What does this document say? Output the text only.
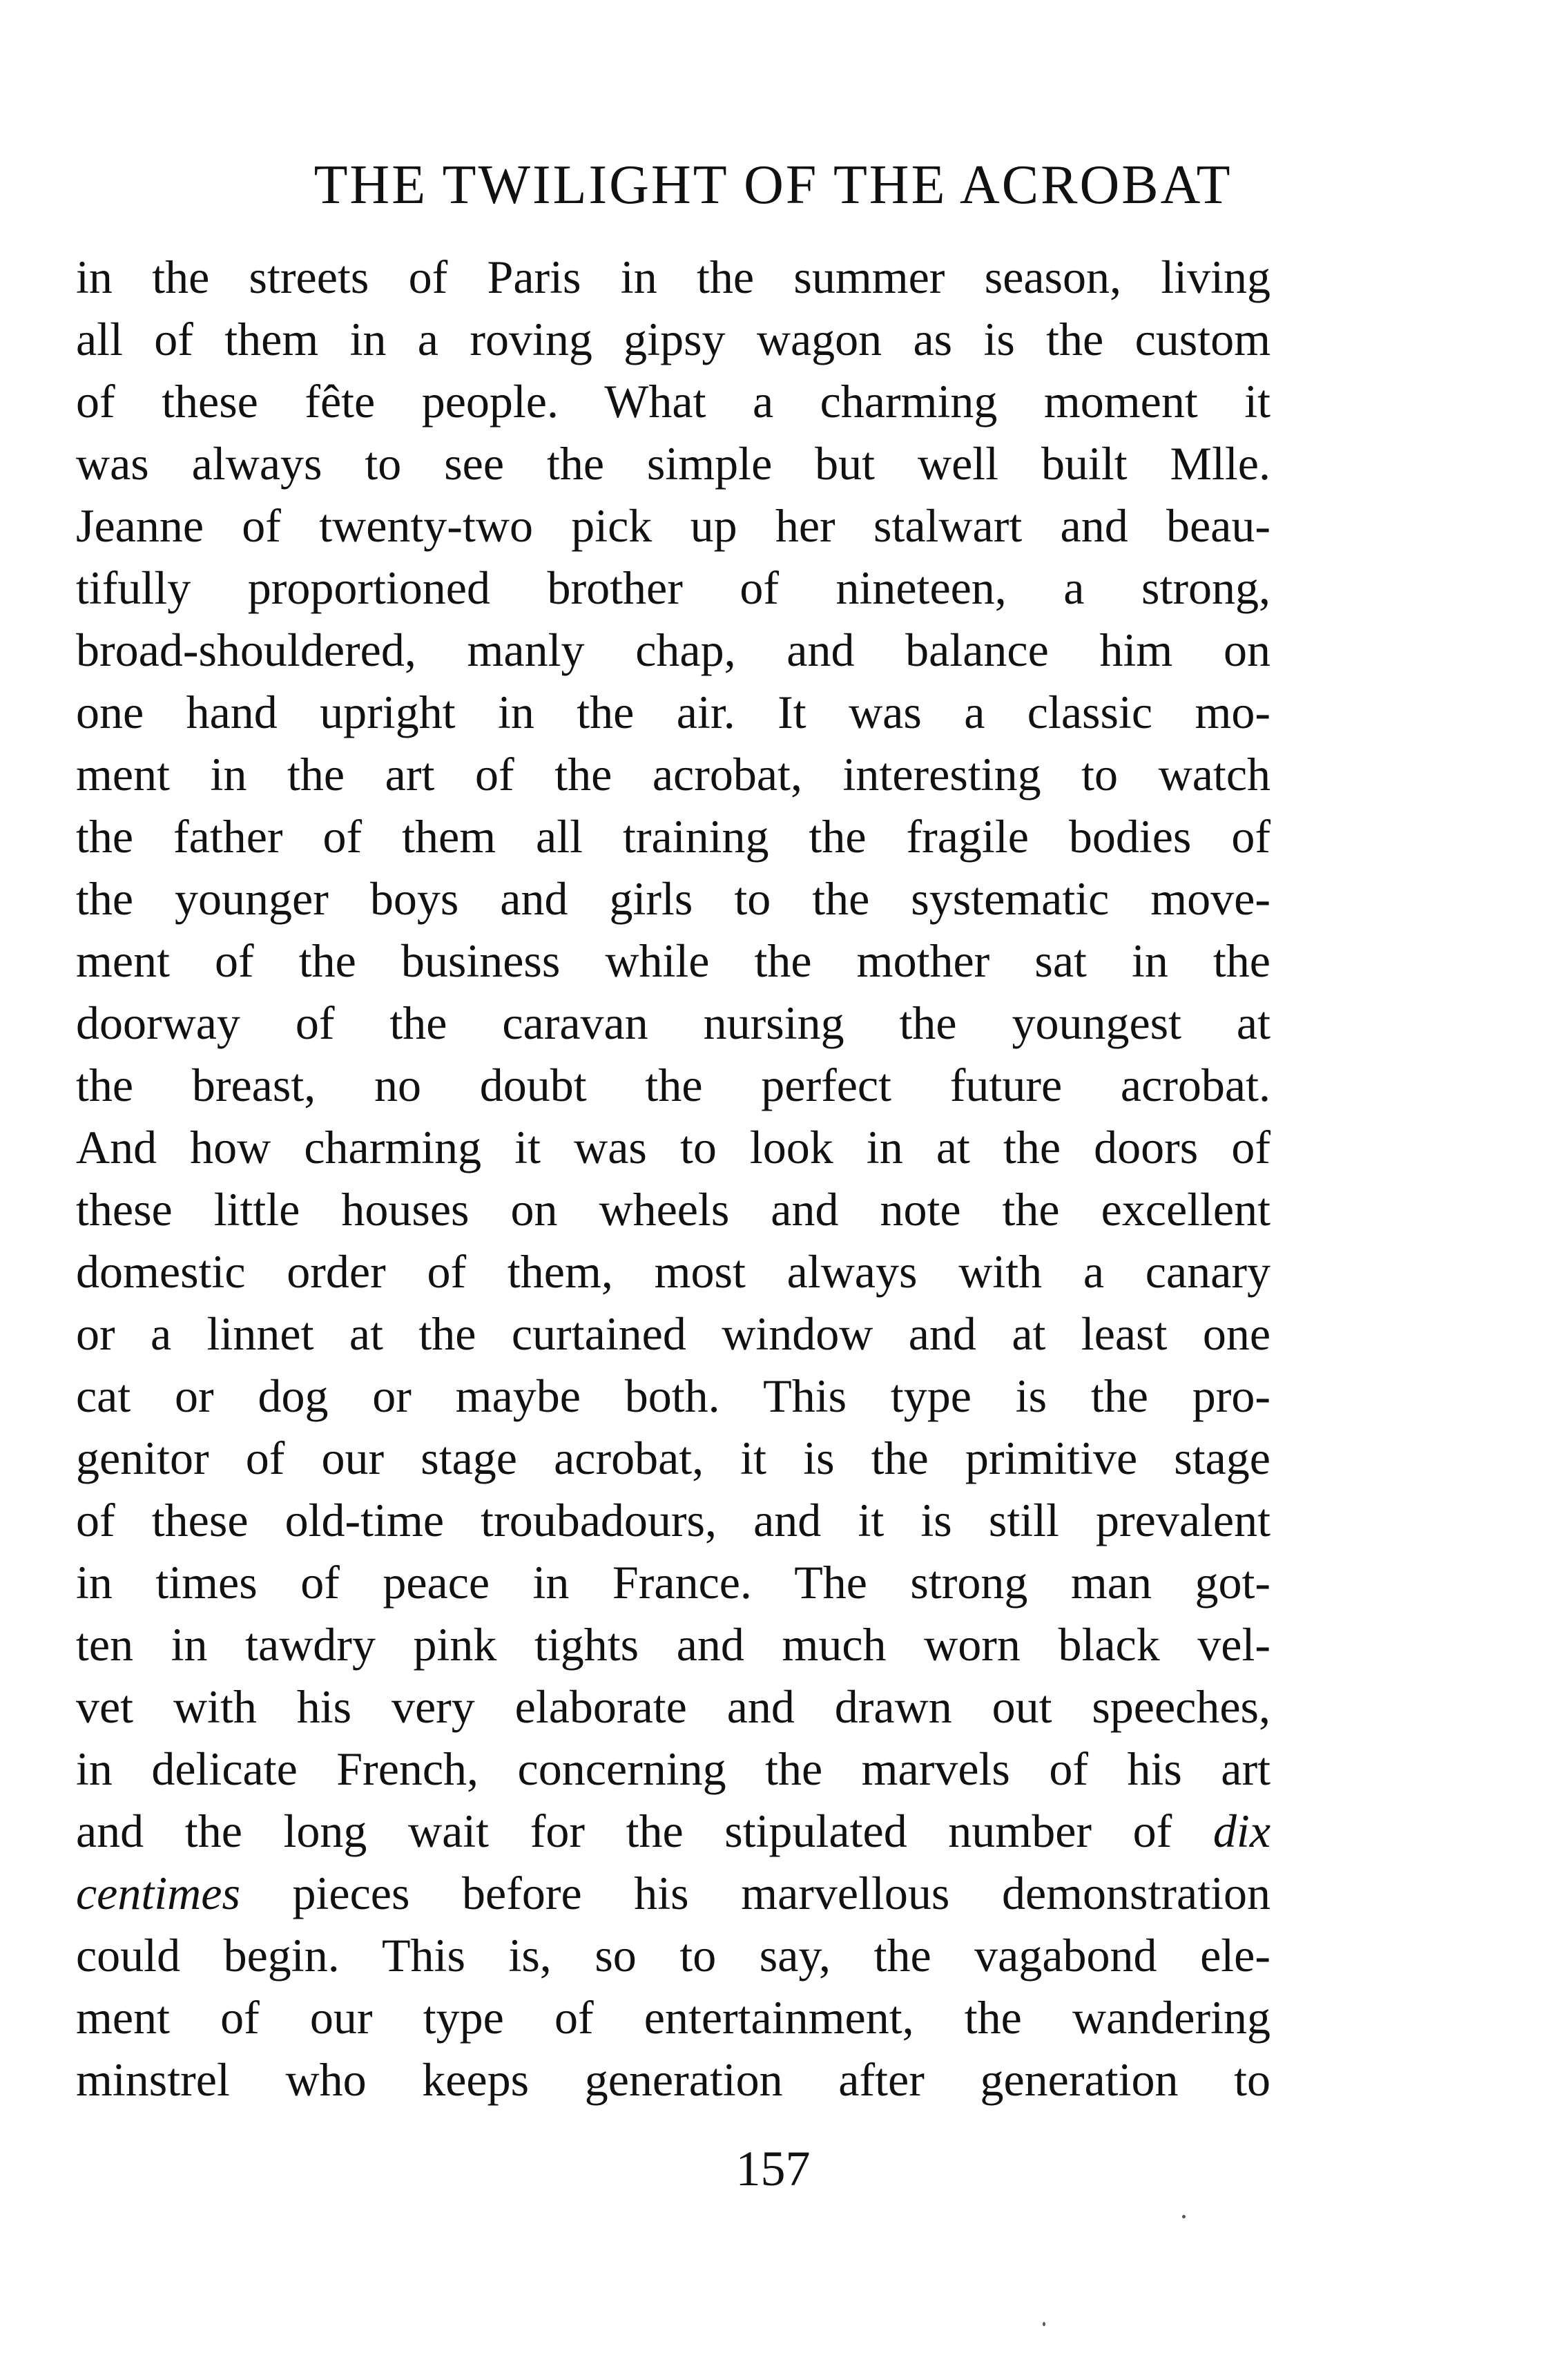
THE TWILIGHT OF THE ACROBAT
in the streets of Paris in the summer season, living
all of them in a roving gipsy wagon as is the custom
of these fête people. What a charming moment it
was always to see the simple but well built Mlle.
Jeanne of twenty-two pick up her stalwart and beau-
tifully proportioned brother of nineteen, a strong,
broad-shouldered, manly chap, and balance him on
one hand upright in the air. It was a classic mo-
ment in the art of the acrobat, interesting to watch
the father of them all training the fragile bodies of
the younger boys and girls to the systematic move-
ment of the business while the mother sat in the
doorway of the caravan nursing the youngest at
the breast, no doubt the perfect future acrobat.
And how charming it was to look in at the doors of
these little houses on wheels and note the excellent
domestic order of them, most always with a canary
or a linnet at the curtained window and at least one
cat or dog or maybe both. This type is the pro-
genitor of our stage acrobat, it is the primitive stage
of these old-time troubadours, and it is still prevalent
in times of peace in France. The strong man got-
ten in tawdry pink tights and much worn black vel-
vet with his very elaborate and drawn out speeches,
in delicate French, concerning the marvels of his art
and the long wait for the stipulated number of dix
centimes pieces before his marvellous demonstration
could begin. This is, so to say, the vagabond ele-
ment of our type of entertainment, the wandering
minstrel who keeps generation after generation to
157
